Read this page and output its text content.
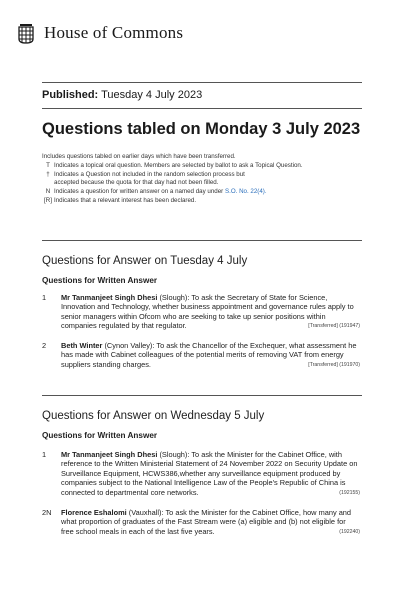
House of Commons
Published: Tuesday 4 July 2023
Questions tabled on Monday 3 July 2023
Includes questions tabled on earlier days which have been transferred.
T Indicates a topical oral question. Members are selected by ballot to ask a Topical Question.
† Indicates a Question not included in the random selection process but
accepted because the quota for that day had not been filled.
N Indicates a question for written answer on a named day under S.O. No. 22(4).
[R] Indicates that a relevant interest has been declared.
Questions for Answer on Tuesday 4 July
Questions for Written Answer
1 Mr Tanmanjeet Singh Dhesi (Slough): To ask the Secretary of State for Science, Innovation and Technology, whether business appointment and governance rules apply to senior managers within Ofcom who are seeking to take up senior positions within companies regulated by that regulator.	[Transferred] (191947)
2 Beth Winter (Cynon Valley): To ask the Chancellor of the Exchequer, what assessment he has made with Cabinet colleagues of the potential merits of removing VAT from energy suppliers standing charges.	[Transferred] (191970)
Questions for Answer on Wednesday 5 July
Questions for Written Answer
1 Mr Tanmanjeet Singh Dhesi (Slough): To ask the Minister for the Cabinet Office, with reference to the Written Ministerial Statement of 24 November 2022 on Security Update on Surveillance Equipment, HCWS386,whether any surveillance equipment produced by companies subject to the National Intelligence Law of the People's Republic of China is connected to departmental core networks.	(192155)
2N Florence Eshalomi (Vauxhall): To ask the Minister for the Cabinet Office, how many and what proportion of graduates of the Fast Stream were (a) eligible and (b) not eligible for free school meals in each of the last five years.	(192240)
